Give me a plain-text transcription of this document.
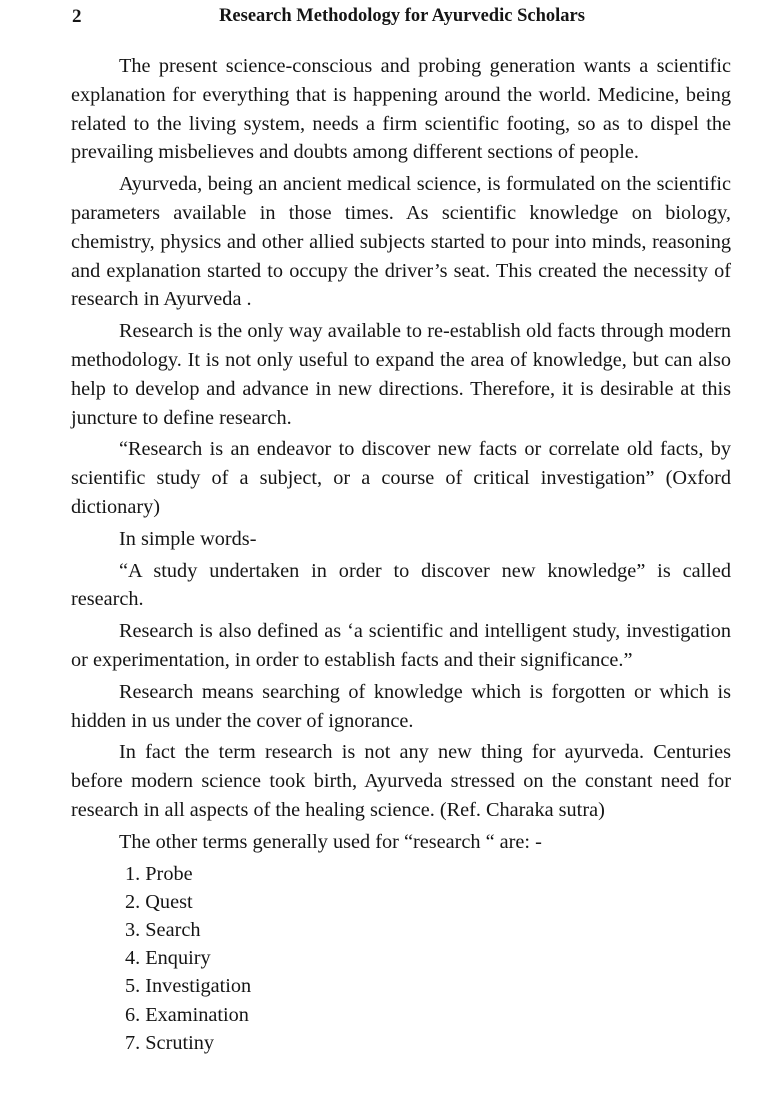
2	Research Methodology for Ayurvedic Scholars

The present science-conscious and probing generation wants a scientific explanation for everything that is happening around the world. Medicine, being related to the living system, needs a firm scientific footing, so as to dispel the prevailing misbelieves and doubts among different sections of people.

Ayurveda, being an ancient medical science, is formulated on the scientific parameters available in those times. As scientific knowledge on biology, chemistry, physics and other allied subjects started to pour into minds, reasoning and explanation started to occupy the driver’s seat. This created the necessity of research in Ayurveda .

Research is the only way available to re-establish old facts through modern methodology. It is not only useful to expand the area of knowledge, but can also help to develop and advance in new directions. Therefore, it is desirable at this juncture to define research.

“Research is an endeavor to discover new facts or correlate old facts, by scientific study of a subject, or a course of critical investigation” (Oxford dictionary)

In simple words-

“A study undertaken in order to discover new knowledge” is called research.

Research is also defined as ‘a scientific and intelligent study, investigation or experimentation, in order to establish facts and their significance.”

Research means searching of knowledge which is forgotten or which is hidden in us under the cover of ignorance.

In fact the term research is not any new thing for ayurveda. Centuries before modern science took birth, Ayurveda stressed on the constant need for research in all aspects of the healing science. (Ref. Charaka sutra)

The other terms generally used for “research “ are: -

1. Probe
2. Quest
3. Search
4. Enquiry
5. Investigation
6. Examination
7. Scrutiny
